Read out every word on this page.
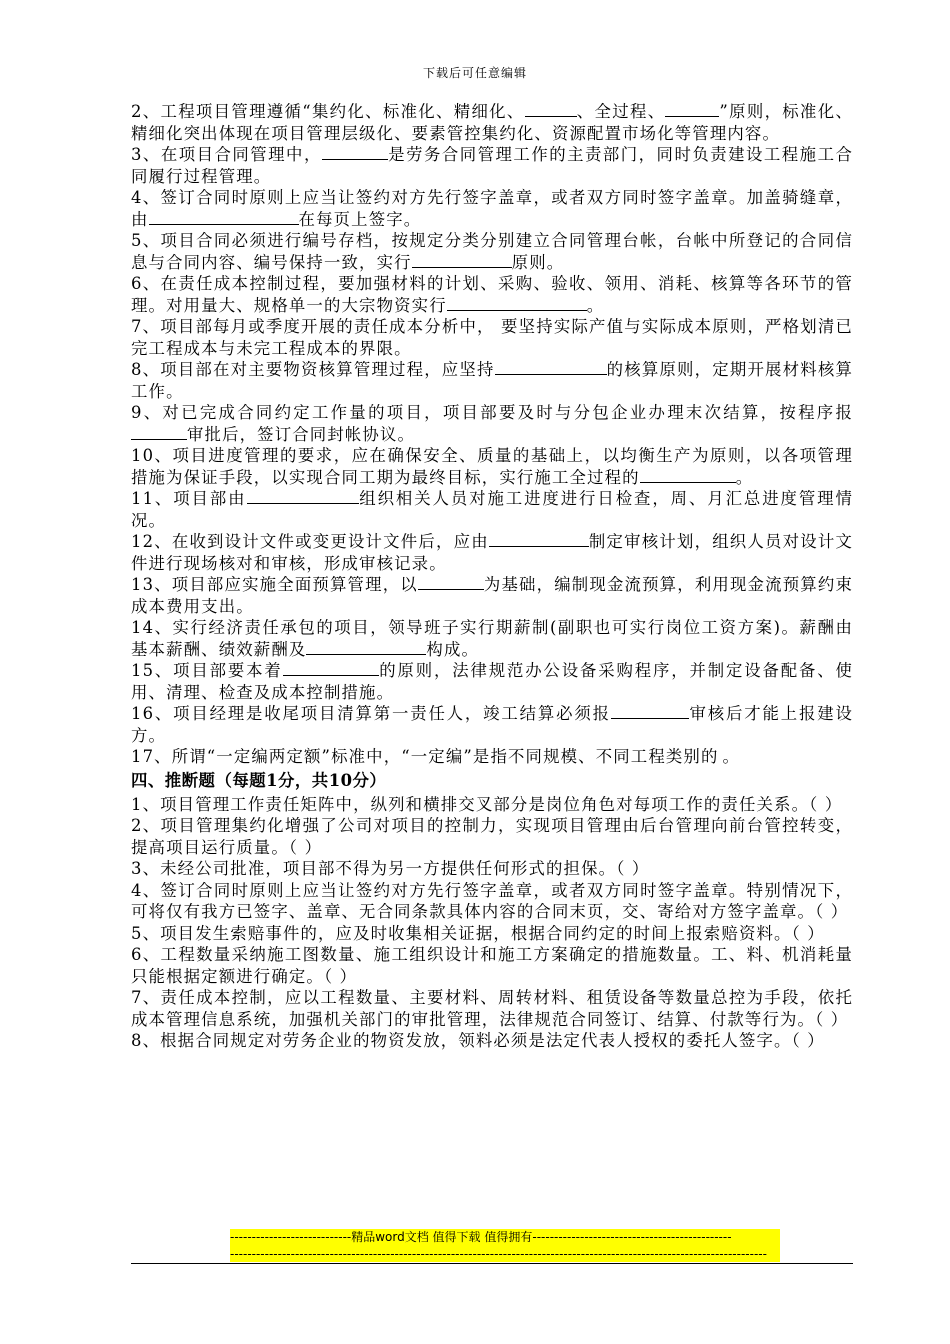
下载后可任意编辑

2、工程项目管理遵循“集约化、标准化、精细化、	、全过程、	”原则，标准化、精细化突出体现在项目管理层级化、要素管控集约化、资源配置市场化等管理内容。

3、在项目合同管理中，	是劳务合同管理工作的主责部门，同时负责建设工程施工合同履行过程管理。

4、签订合同时原则上应当让签约对方先行签字盖章，或者双方同时签字盖章。加盖骑缝章，由	在每页上签字。

5、项目合同必须进行编号存档，按规定分类分别建立合同管理台帐，台帐中所登记的合同信息与合同内容、编号保持一致，实行	原则。

6、在责任成本控制过程，要加强材料的计划、采购、验收、领用、消耗、核算等各环节的管理。对用量大、规格单一的大宗物资实行	。

7、项目部每月或季度开展的责任成本分析中， 要坚持实际产值与实际成本原则，严格划清已完工程成本与未完工程成本的界限。

8、项目部在对主要物资核算管理过程，应坚持	的核算原则，定期开展材料核算工作。

9、对已完成合同约定工作量的项目，项目部要及时与分包企业办理末次结算，按程序报审批后，签订合同封帐协议。

10、项目进度管理的要求，应在确保安全、质量的基础上，以均衡生产为原则，以各项管理措施为保证手段，以实现合同工期为最终目标，实行施工全过程的	。

11、项目部由	组织相关人员对施工进度进行日检查，周、月汇总进度管理情况。

12、在收到设计文件或变更设计文件后，应由	制定审核计划，组织人员对设计文件进行现场核对和审核，形成审核记录。

13、项目部应实施全面预算管理，以	为基础，编制现金流预算，利用现金流预算约束成本费用支出。

14、实行经济责任承包的项目，领导班子实行期薪制(副职也可实行岗位工资方案)。薪酬由基本薪酬、绩效薪酬及	构成。

15、项目部要本着	的原则，法律规范办公设备采购程序，并制定设备配备、使用、清理、检查及成本控制措施。

16、项目经理是收尾项目清算第一责任人，竣工结算必须报	审核后才能上报建设方。

17、所谓“一定编两定额”标准中，“一定编”是指不同规模、不同工程类别的 。

四、推断题（每题1分，共10分）

1、项目管理工作责任矩阵中，纵列和横排交叉部分是岗位角色对每项工作的责任关系。（ ）

2、项目管理集约化增强了公司对项目的控制力，实现项目管理由后台管理向前台管控转变，提高项目运行质量。（ ）

3、未经公司批准，项目部不得为另一方提供任何形式的担保。（ ）

4、签订合同时原则上应当让签约对方先行签字盖章，或者双方同时签字盖章。特别情况下，可将仅有我方已签字、盖章、无合同条款具体内容的合同末页，交、寄给对方签字盖章。（ ）

5、项目发生索赔事件的，应及时收集相关证据，根据合同约定的时间上报索赔资料。（ ）

6、工程数量采纳施工图数量、施工组织设计和施工方案确定的措施数量。工、料、机消耗量只能根据定额进行确定。（ ）

7、责任成本控制，应以工程数量、主要材料、周转材料、租赁设备等数量总控为手段，依托成本管理信息系统，加强机关部门的审批管理，法律规范合同签订、结算、付款等行为。（ ）

8、根据合同规定对劳务企业的物资发放，领料必须是法定代表人授权的委托人签字。（ ）

----------------------------精品word文档 值得下载 值得拥有----------------------------------------------
----------------------------------------------------------------------------------------------------------------------------
